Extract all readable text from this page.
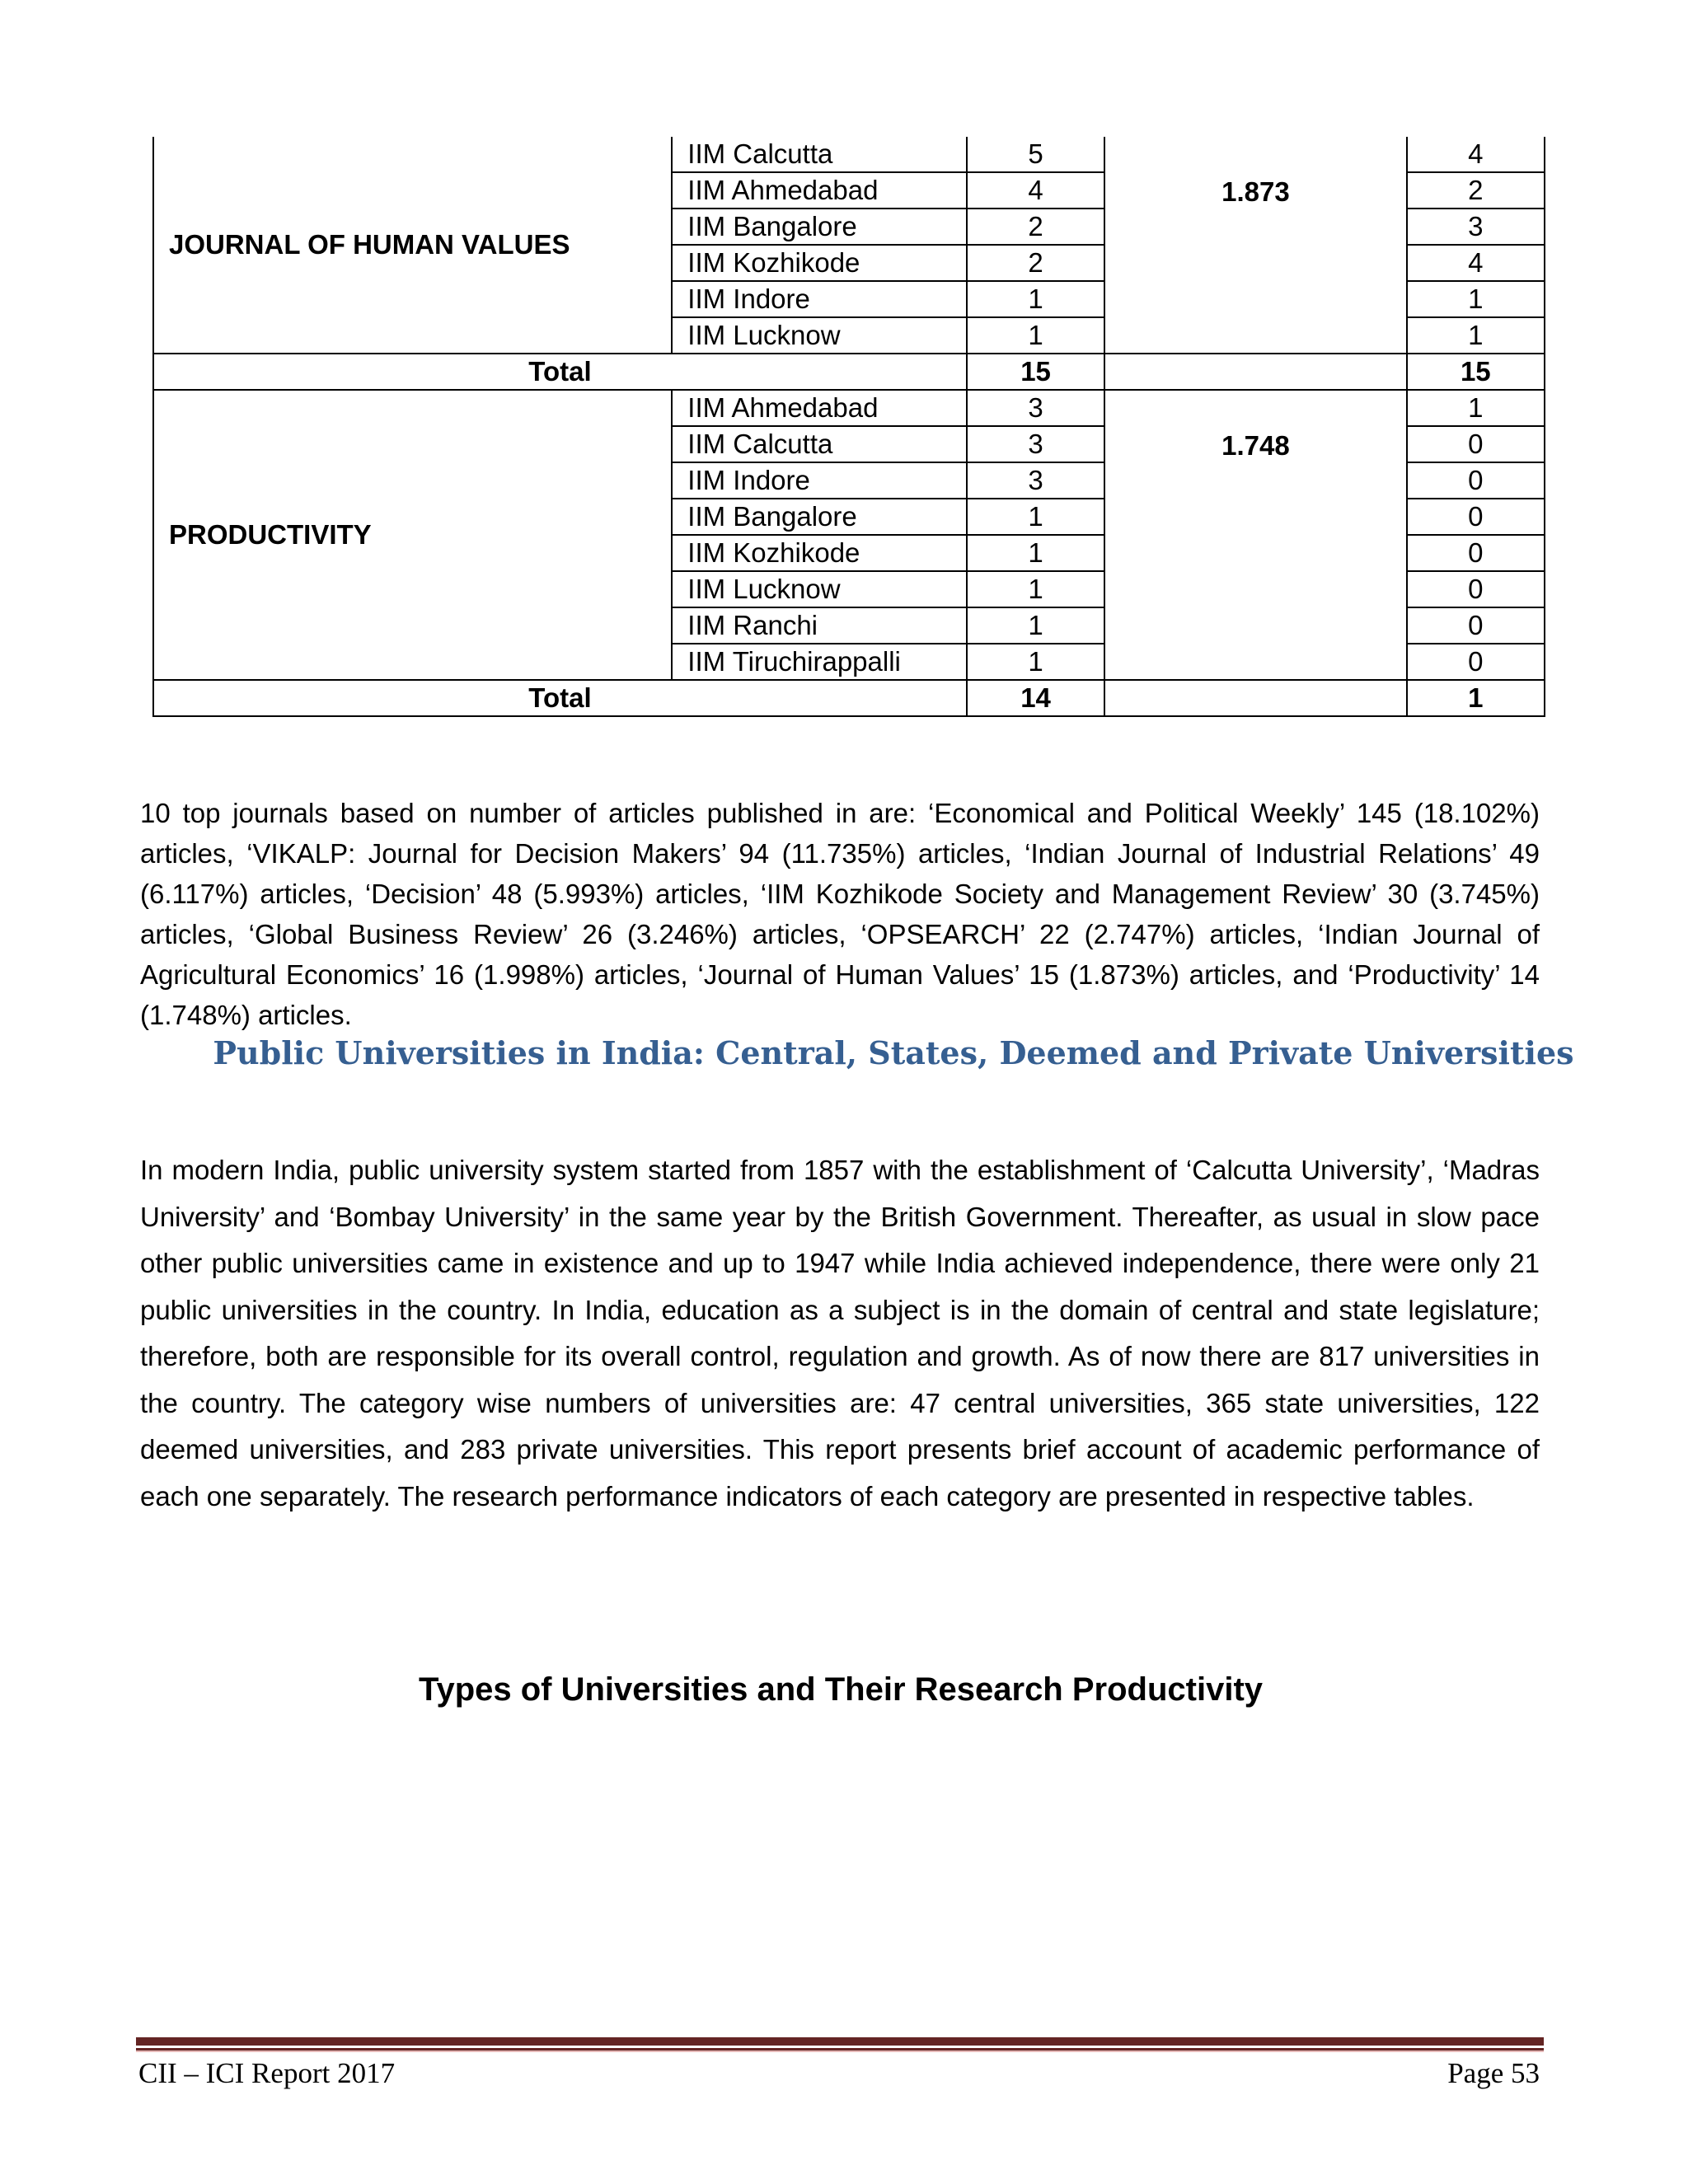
JOURNAL OF HUMAN VALUES	IIM Calcutta	5	1.873	4
	IIM Ahmedabad	4		2
	IIM Bangalore	2		3
	IIM Kozhikode	2		4
	IIM Indore	1		1
	IIM Lucknow	1		1
Total		15		15
PRODUCTIVITY	IIM Ahmedabad	3	1.748	1
	IIM Calcutta	3		0
	IIM Indore	3		0
	IIM Bangalore	1		0
	IIM Kozhikode	1		0
	IIM Lucknow	1		0
	IIM Ranchi	1		0
	IIM Tiruchirappalli	1		0
Total		14		1
10 top journals based on number of articles published in are: ‘Economical and Political Weekly’ 145 (18.102%) articles, ‘VIKALP: Journal for Decision Makers’ 94 (11.735%) articles, ‘Indian Journal of Industrial Relations’ 49 (6.117%) articles, ‘Decision’ 48 (5.993%) articles, ‘IIM Kozhikode Society and Management Review’ 30 (3.745%) articles, ‘Global Business Review’ 26 (3.246%) articles, ‘OPSEARCH’ 22 (2.747%) articles, ‘Indian Journal of Agricultural Economics’ 16 (1.998%) articles, ‘Journal of Human Values’ 15 (1.873%) articles, and ‘Productivity’ 14 (1.748%) articles.
Public Universities in India: Central, States, Deemed and Private Universities
In modern India, public university system started from 1857 with the establishment of ‘Calcutta University’, ‘Madras University’ and ‘Bombay University’ in the same year by the British Government. Thereafter, as usual in slow pace other public universities came in existence and up to 1947 while India achieved independence, there were only 21 public universities in the country. In India, education as a subject is in the domain of central and state legislature; therefore, both are responsible for its overall control, regulation and growth. As of now there are 817 universities in the country. The category wise numbers of universities are: 47 central universities, 365 state universities, 122 deemed universities, and 283 private universities. This report presents brief account of academic performance of each one separately. The research performance indicators of each category are presented in respective tables.
Types of Universities and Their Research Productivity
CII – ICI Report 2017	Page 53
